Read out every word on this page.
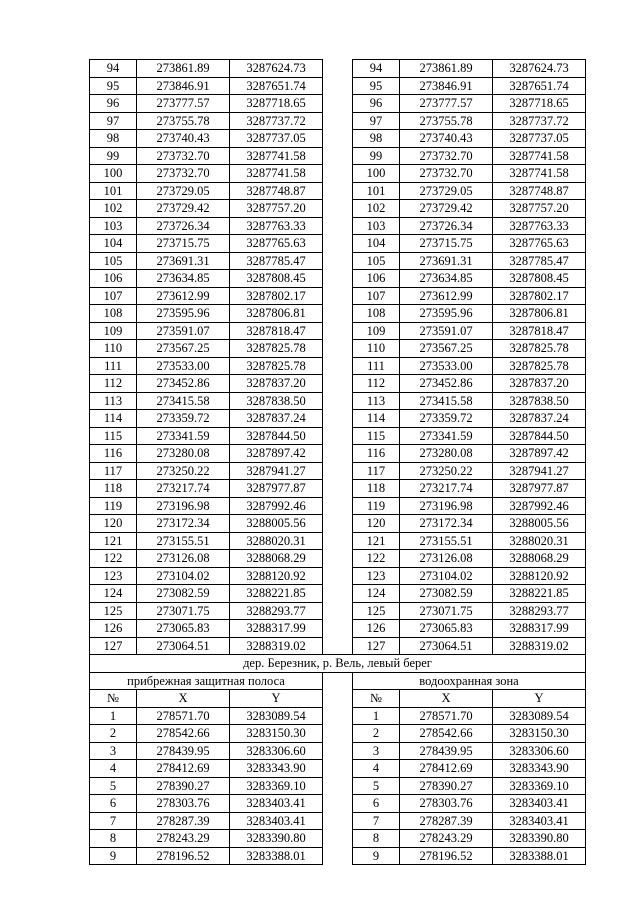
94	273861.89	3287624.73		94	273861.89	3287624.73
95	273846.91	3287651.74		95	273846.91	3287651.74
96	273777.57	3287718.65		96	273777.57	3287718.65
97	273755.78	3287737.72		97	273755.78	3287737.72
98	273740.43	3287737.05		98	273740.43	3287737.05
99	273732.70	3287741.58		99	273732.70	3287741.58
100	273732.70	3287741.58		100	273732.70	3287741.58
101	273729.05	3287748.87		101	273729.05	3287748.87
102	273729.42	3287757.20		102	273729.42	3287757.20
103	273726.34	3287763.33		103	273726.34	3287763.33
104	273715.75	3287765.63		104	273715.75	3287765.63
105	273691.31	3287785.47		105	273691.31	3287785.47
106	273634.85	3287808.45		106	273634.85	3287808.45
107	273612.99	3287802.17		107	273612.99	3287802.17
108	273595.96	3287806.81		108	273595.96	3287806.81
109	273591.07	3287818.47		109	273591.07	3287818.47
110	273567.25	3287825.78		110	273567.25	3287825.78
111	273533.00	3287825.78		111	273533.00	3287825.78
112	273452.86	3287837.20		112	273452.86	3287837.20
113	273415.58	3287838.50		113	273415.58	3287838.50
114	273359.72	3287837.24		114	273359.72	3287837.24
115	273341.59	3287844.50		115	273341.59	3287844.50
116	273280.08	3287897.42		116	273280.08	3287897.42
117	273250.22	3287941.27		117	273250.22	3287941.27
118	273217.74	3287977.87		118	273217.74	3287977.87
119	273196.98	3287992.46		119	273196.98	3287992.46
120	273172.34	3288005.56		120	273172.34	3288005.56
121	273155.51	3288020.31		121	273155.51	3288020.31
122	273126.08	3288068.29		122	273126.08	3288068.29
123	273104.02	3288120.92		123	273104.02	3288120.92
124	273082.59	3288221.85		124	273082.59	3288221.85
125	273071.75	3288293.77		125	273071.75	3288293.77
126	273065.83	3288317.99		126	273065.83	3288317.99
127	273064.51	3288319.02		127	273064.51	3288319.02
дер. Березник, р. Вель, левый берег						
прибрежная защитная полоса				водоохранная зона		
№	X	Y		№	X	Y
1	278571.70	3283089.54		1	278571.70	3283089.54
2	278542.66	3283150.30		2	278542.66	3283150.30
3	278439.95	3283306.60		3	278439.95	3283306.60
4	278412.69	3283343.90		4	278412.69	3283343.90
5	278390.27	3283369.10		5	278390.27	3283369.10
6	278303.76	3283403.41		6	278303.76	3283403.41
7	278287.39	3283403.41		7	278287.39	3283403.41
8	278243.29	3283390.80		8	278243.29	3283390.80
9	278196.52	3283388.01		9	278196.52	3283388.01
